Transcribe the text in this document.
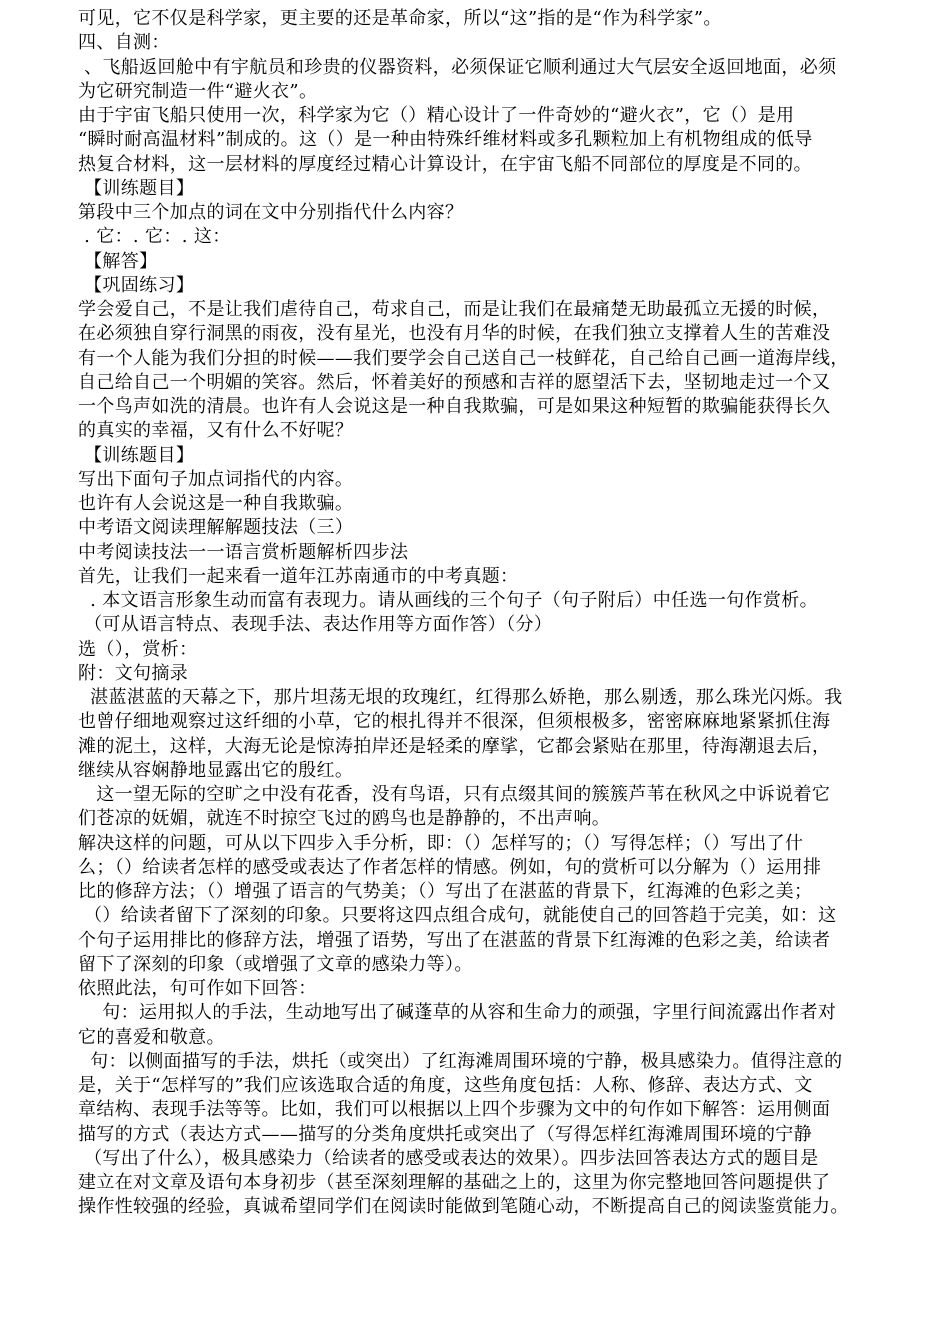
可见，它不仅是科学家，更主要的还是革命家，所以“这”指的是“作为科学家”。
四、自测：
、飞船返回舱中有宇航员和珍贵的仪器资料，必须保证它顺利通过大气层安全返回地面，必须
为它研究制造一件“避火衣”。
由于宇宙飞船只使用一次，科学家为它（）精心设计了一件奇妙的“避火衣”，它（）是用
“瞬时耐高温材料”制成的。这（）是一种由特殊纤维材料或多孔颗粒加上有机物组成的低导
热复合材料，这一层材料的厚度经过精心计算设计，在宇宙飞船不同部位的厚度是不同的。
【训练题目】
第段中三个加点的词在文中分别指代什么内容？
. 它：. 它：. 这：
【解答】
【巩固练习】
学会爱自己，不是让我们虐待自己，苟求自己，而是让我们在最痛楚无助最孤立无援的时候，
在必须独自穿行洞黑的雨夜，没有星光，也没有月华的时候，在我们独立支撑着人生的苦难没
有一个人能为我们分担的时候——我们要学会自己送自己一枝鲜花，自己给自己画一道海岸线，
自己给自己一个明媚的笑容。然后，怀着美好的预感和吉祥的愿望活下去，坚韧地走过一个又
一个鸟声如洗的清晨。也许有人会说这是一种自我欺骗，可是如果这种短暂的欺骗能获得长久
的真实的幸福，又有什么不好呢？
【训练题目】
写出下面句子加点词指代的内容。
也许有人会说这是一种自我欺骗。
中考语文阅读理解解题技法（三）
中考阅读技法一一语言赏析题解析四步法
首先，让我们一起来看一道年江苏南通市的中考真题：
. 本文语言形象生动而富有表现力。请从画线的三个句子（句子附后）中任选一句作赏析。
（可从语言特点、表现手法、表达作用等方面作答）（分）
选（），赏析：
附：文句摘录
湛蓝湛蓝的天幕之下，那片坦荡无垠的玫瑰红，红得那么娇艳，那么剔透，那么珠光闪烁。我
也曾仔细地观察过这纤细的小草，它的根扎得并不很深，但须根极多，密密麻麻地紧紧抓住海
滩的泥土，这样，大海无论是惊涛拍岸还是轻柔的摩挲，它都会紧贴在那里，待海潮退去后，
继续从容娴静地显露出它的殷红。
这一望无际的空旷之中没有花香，没有鸟语，只有点缀其间的簇簇芦苇在秋风之中诉说着它
们苍凉的妩媚，就连不时掠空飞过的鸥鸟也是静静的，不出声响。
解决这样的问题，可从以下四步入手分析，即：（）怎样写的；（）写得怎样；（）写出了什
么；（）给读者怎样的感受或表达了作者怎样的情感。例如，句的赏析可以分解为（）运用排
比的修辞方法；（）增强了语言的气势美；（）写出了在湛蓝的背景下，红海滩的色彩之美；
（）给读者留下了深刻的印象。只要将这四点组合成句，就能使自己的回答趋于完美，如：这
个句子运用排比的修辞方法，增强了语势，写出了在湛蓝的背景下红海滩的色彩之美，给读者
留下了深刻的印象（或增强了文章的感染力等）。
依照此法，句可作如下回答：
句：运用拟人的手法，生动地写出了碱蓬草的从容和生命力的顽强，字里行间流露出作者对
它的喜爱和敬意。
句：以侧面描写的手法，烘托（或突出）了红海滩周围环境的宁静，极具感染力。值得注意的
是，关于“怎样写的”我们应该选取合适的角度，这些角度包括：人称、修辞、表达方式、文
章结构、表现手法等等。比如，我们可以根据以上四个步骤为文中的句作如下解答：运用侧面
描写的方式（表达方式——描写的分类角度烘托或突出了（写得怎样红海滩周围环境的宁静
（写出了什么），极具感染力（给读者的感受或表达的效果）。四步法回答表达方式的题目是
建立在对文章及语句本身初步（甚至深刻理解的基础之上的，这里为你完整地回答问题提供了
操作性较强的经验，真诚希望同学们在阅读时能做到笔随心动，不断提高自己的阅读鉴赏能力。
